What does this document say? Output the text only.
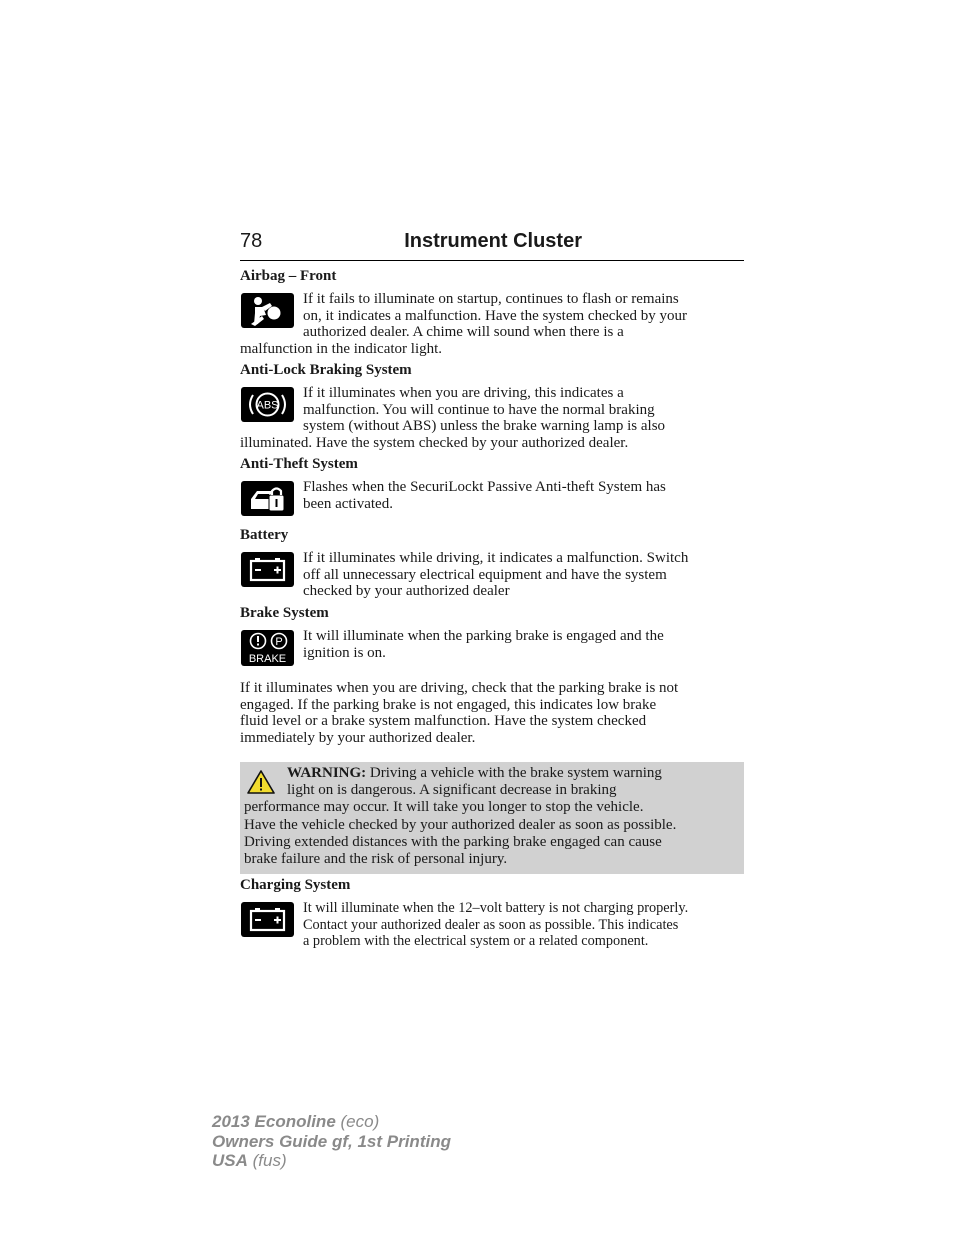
78	Instrument Cluster
Airbag – Front
If it fails to illuminate on startup, continues to flash or remains
on, it indicates a malfunction. Have the system checked by your
authorized dealer. A chime will sound when there is a
malfunction in the indicator light.
Anti-Lock Braking System
ABS
If it illuminates when you are driving, this indicates a
malfunction. You will continue to have the normal braking
system (without ABS) unless the brake warning lamp is also
illuminated. Have the system checked by your authorized dealer.
Anti-Theft System
Flashes when the SecuriLockt Passive Anti-theft System has
been activated.
Battery
If it illuminates while driving, it indicates a malfunction. Switch
off all unnecessary electrical equipment and have the system
checked by your authorized dealer
Brake System
P
BRAKE
It will illuminate when the parking brake is engaged and the
ignition is on.
If it illuminates when you are driving, check that the parking brake is not
engaged. If the parking brake is not engaged, this indicates low brake
fluid level or a brake system malfunction. Have the system checked
immediately by your authorized dealer.
WARNING: Driving a vehicle with the brake system warning
light on is dangerous. A significant decrease in braking
performance may occur. It will take you longer to stop the vehicle.
Have the vehicle checked by your authorized dealer as soon as possible.
Driving extended distances with the parking brake engaged can cause
brake failure and the risk of personal injury.
Charging System
It will illuminate when the 12–volt battery is not charging properly.
Contact your authorized dealer as soon as possible. This indicates
a problem with the electrical system or a related component.
2013 Econoline (eco)
Owners Guide gf, 1st Printing
USA (fus)
